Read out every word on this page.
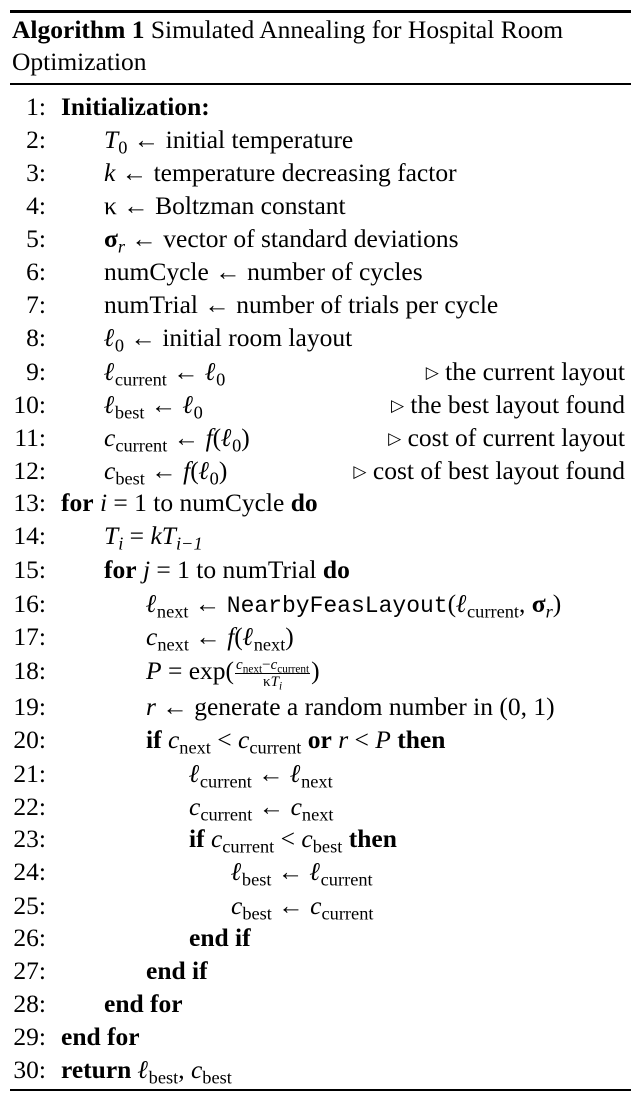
Algorithm 1 Simulated Annealing for Hospital Room Optimization
1: Initialization:
2: $T_0$ ← initial temperature
3: k ← temperature decreasing factor
4: κ ← Boltzman constant
5: $\sigma_r$ ← vector of standard deviations
6: numCycle ← number of cycles
7: numTrial ← number of trials per cycle
8: ℓ$_0$ ← initial room layout
9: ℓ$_{current}$ ← ℓ$_0$	▷ the current layout
10: ℓ$_{best}$ ← ℓ$_0$	▷ the best layout found
11: $c_{current}$ ← f(ℓ$_0$)	▷ cost of current layout
12: $c_{best}$ ← f(ℓ$_0$)	▷ cost of best layout found
13: for i = 1 to numCycle do
14: $T_i = kT_{i-1}$
15: for j = 1 to numTrial do
16:	ℓ$_{next}$ ← NearbyFeasLayout(ℓ$_{current}$, $\sigma_r$)
17:	$c_{next}$ ← f(ℓ$_{next}$)
18:	$P = \exp( \frac{c_{next}-c_{current}}{\kappa T_i}$ )
19:	r ← generate a random number in (0, 1)
20:	if $c_{next} < c_{current}$ or r < P then
21:	ℓ$_{current}$ ← ℓ$_{next}$
22:	$c_{current}$ ← $c_{next}$
23:	if $c_{current} < c_{best}$ then
24:	ℓ$_{best}$ ← ℓ$_{current}$
25:	$c_{best}$ ← $c_{current}$
26:	end if
27:	end if
28: end for
29: end for
30: return ℓ$_{best}$, $c_{best}$
